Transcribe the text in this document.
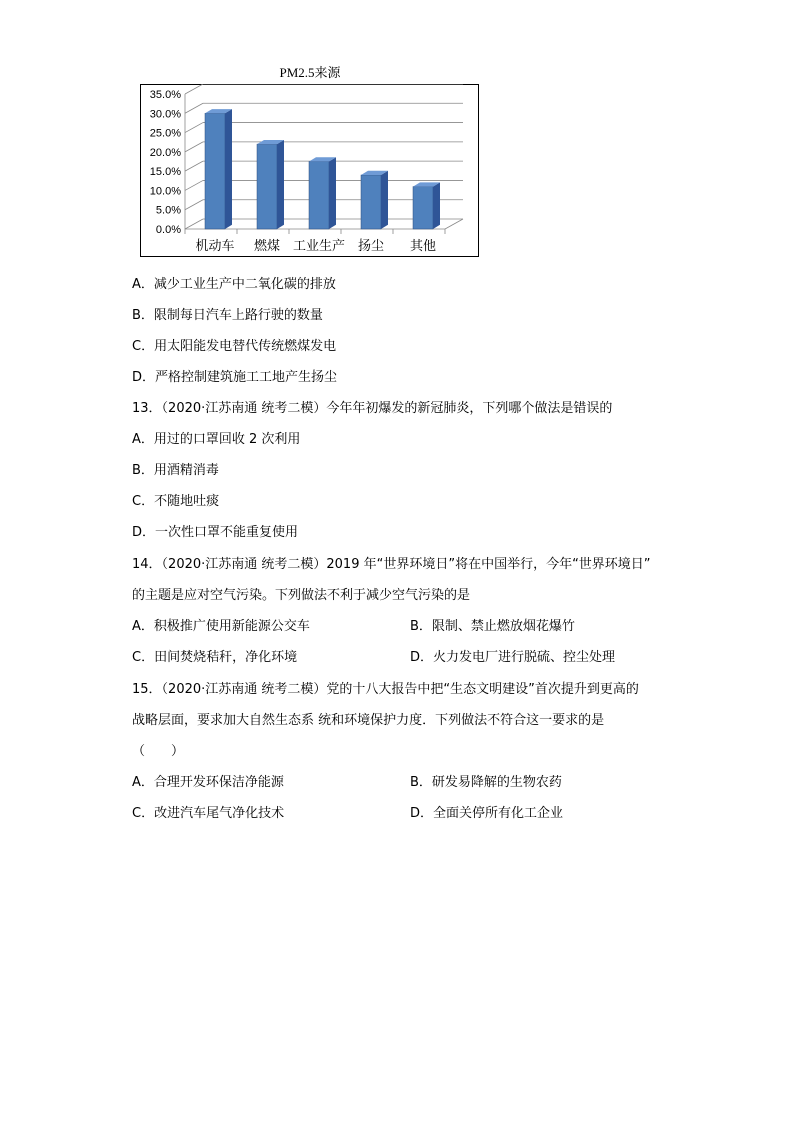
PM2.5来源
0.0%
5.0%
10.0%
15.0%
20.0%
25.0%
30.0%
35.0%
机动车 燃煤 工业生产 扬尘 其他
A．减少工业生产中二氧化碳的排放
B．限制每日汽车上路行驶的数量
C．用太阳能发电替代传统燃煤发电
D．严格控制建筑施工工地产生扬尘
13．（2020·江苏南通 统考二模）今年年初爆发的新冠肺炎，下列哪个做法是错误的
A．用过的口罩回收 2 次利用
B．用酒精消毒
C．不随地吐痰
D．一次性口罩不能重复使用
14．（2020·江苏南通 统考二模）2019 年“世界环境日”将在中国举行，今年“世界环境日”
的主题是应对空气污染。下列做法不利于减少空气污染的是
A．积极推广使用新能源公交车	B．限制、禁止燃放烟花爆竹
C．田间焚烧秸秆，净化环境	D．火力发电厂进行脱硫、控尘处理
15．（2020·江苏南通 统考二模）党的十八大报告中把“生态文明建设”首次提升到更高的
战略层面，要求加大自然生态系 统和环境保护力度．下列做法不符合这一要求的是
（　　）
A．合理开发环保洁净能源	B．研发易降解的生物农药
C．改进汽车尾气净化技术	D．全面关停所有化工企业
